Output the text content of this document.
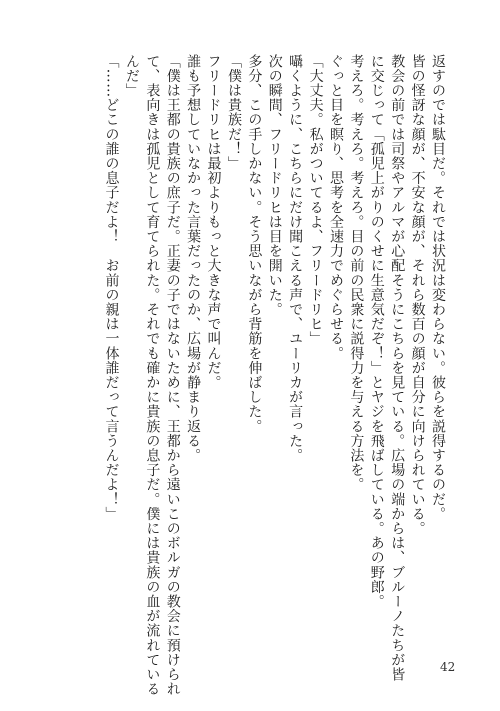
返すのでは駄目だ。それでは状況は変わらない。彼らを説得するのだ。
皆の怪訝な顔が、不安な顔が、それら数百の顔が自分に向けられている。
教会の前では司祭やアルマが心配そうにこちらを見ている。広場の端からは、ブルーノたちが皆
に交じって「孤児上がりのくせに生意気だぞ！」とヤジを飛ばしている。あの野郎。
考えろ。考えろ。考えろ。目の前の民衆に説得力を与える方法を。
ぐっと目を瞑り、思考を全速力でめぐらせる。
「大丈夫。私がついてるよ、フリードリヒ」
囁くように、こちらにだけ聞こえる声で、ユーリカが言った。
次の瞬間、フリードリヒは目を開いた。
多分、この手しかない。そう思いながら背筋を伸ばした。
「僕は貴族だ！」
フリードリヒは最初よりもっと大きな声で叫んだ。
誰も予想していなかった言葉だったのか、広場が静まり返る。
「僕は王都の貴族の庶子だ。正妻の子ではないために、王都から遠いこのボルガの教会に預けられ
て、表向きは孤児として育てられた。それでも確かに貴族の息子だ。僕には貴族の血が流れている
んだ」
「……どこの誰の息子だよ！　お前の親は一体誰だって言うんだよ！」
42
